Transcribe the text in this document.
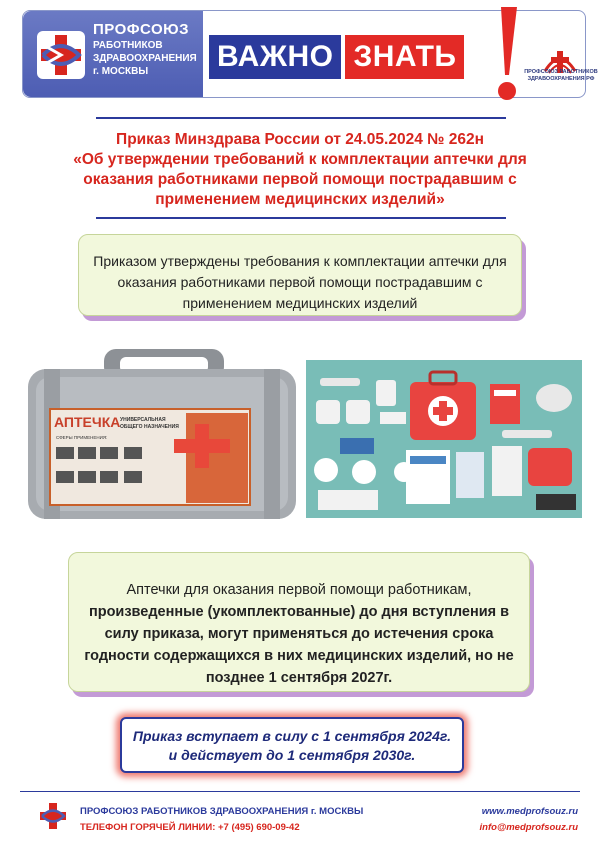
ПРОФСОЮЗ
РАБОТНИКОВ
ЗДРАВООХРАНЕНИЯ
г. МОСКВЫ	ВАЖНО ЗНАТЬ	ПРОФСОЮЗ РАБОТНИКОВ ЗДРАВООХРАНЕНИЯ РФ
Приказ Минздрава России от 24.05.2024 № 262н
«Об утверждении требований к комплектации аптечки для оказания работниками первой помощи пострадавшим с применением медицинских изделий»

Приказом утверждены требования к комплектации аптечки для оказания работниками первой помощи пострадавшим с применением медицинских изделий

АПТЕЧКА УНИВЕРСАЛЬНАЯ
ОБЩЕГО НАЗНАЧЕНИЯ
СФЕРЫ ПРИМЕНЕНИЯ:

Аптечки для оказания первой помощи работникам, произведенные (укомплектованные) до дня вступления в силу приказа, могут применяться до истечения срока годности содержащихся в них медицинских изделий, но не позднее 1 сентября 2027г.

Приказ вступает в силу с 1 сентября 2024г.
и действует до 1 сентября 2030г.

ПРОФСОЮЗ РАБОТНИКОВ ЗДРАВООХРАНЕНИЯ г. МОСКВЫ
ТЕЛЕФОН ГОРЯЧЕЙ ЛИНИИ: +7 (495) 690-09-42
www.medprofsouz.ru
info@medprofsouz.ru
